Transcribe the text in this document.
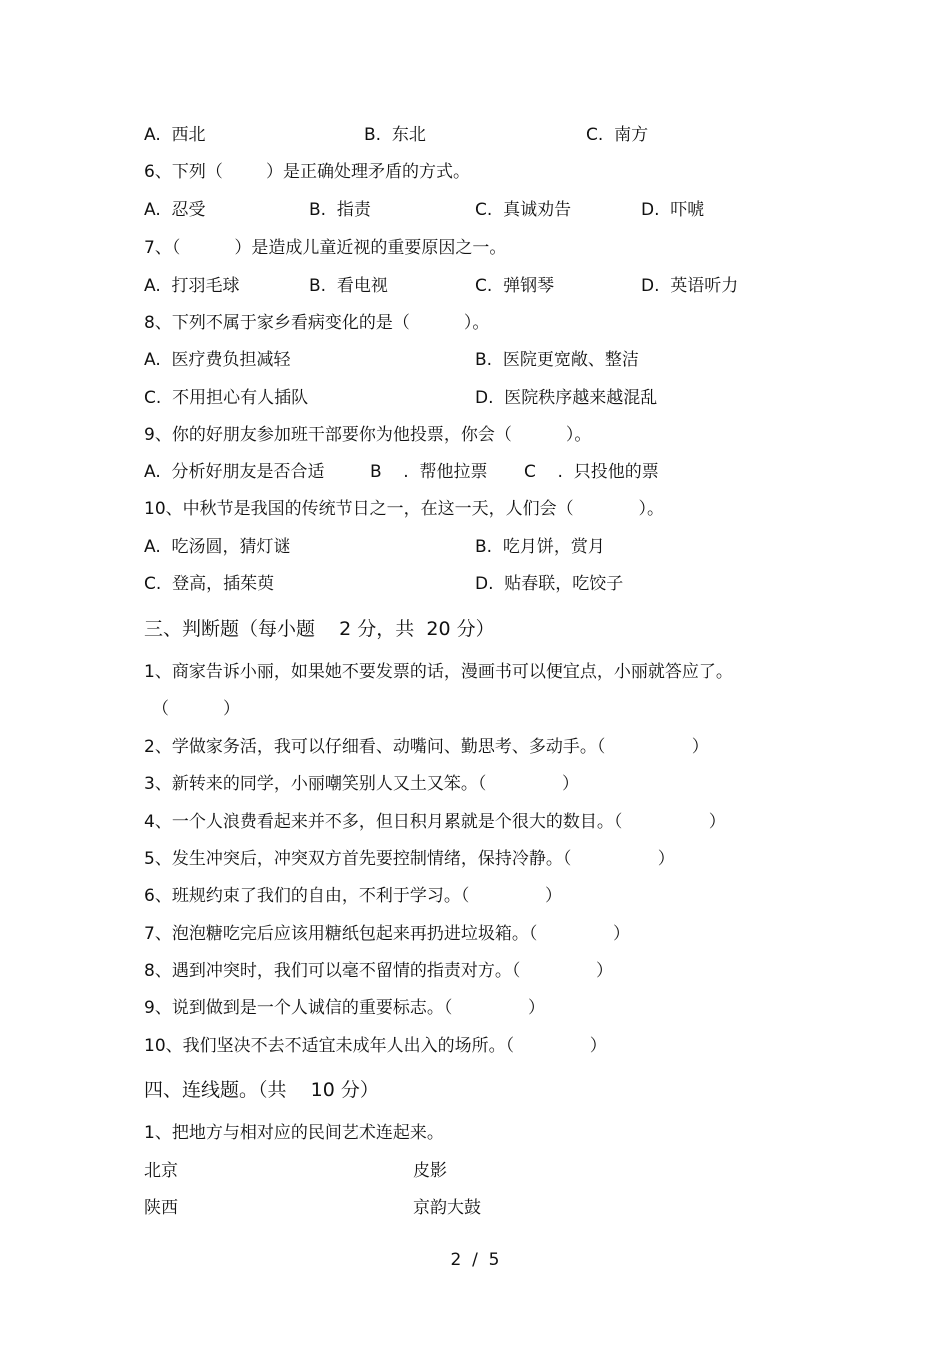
A.  西北	B.  东北	C.  南方
6、下列（        ）是正确处理矛盾的方式。
A.  忍受	B.  指责	C.  真诚劝告	D.  吓唬
7、（          ）是造成儿童近视的重要原因之一。
A.  打羽毛球	B.  看电视	C.  弹钢琴	D.  英语听力
8、下列不属于家乡看病变化的是（          ）。
A.  医疗费负担减轻	B.  医院更宽敞、整洁
C.  不用担心有人插队	D.  医院秩序越来越混乱
9、你的好朋友参加班干部要你为他投票，你会（          ）。
A.  分析好朋友是否合适	B    .  帮他拉票 C    .  只投他的票
10、中秋节是我国的传统节日之一，在这一天，人们会（            ）。
A.  吃汤圆，猜灯谜	B.  吃月饼，赏月
C.  登高，插茱萸	D.  贴春联，吃饺子
三、判断题（每小题    2 分，共  20 分）
1、商家告诉小丽，如果她不要发票的话，漫画书可以便宜点，小丽就答应了。
（          ）
2、学做家务活，我可以仔细看、动嘴问、勤思考、多动手。（                ）
3、新转来的同学，小丽嘲笑别人又土又笨。（              ）
4、一个人浪费看起来并不多，但日积月累就是个很大的数目。（                ）
5、发生冲突后，冲突双方首先要控制情绪，保持冷静。（                ）
6、班规约束了我们的自由，不利于学习。（              ）
7、泡泡糖吃完后应该用糖纸包起来再扔进垃圾箱。（              ）
8、遇到冲突时，我们可以毫不留情的指责对方。（              ）
9、说到做到是一个人诚信的重要标志。（              ）
10、我们坚决不去不适宜未成年人出入的场所。（              ）
四、连线题。（共    10 分）
1、把地方与相对应的民间艺术连起来。
北京	皮影
陕西	京韵大鼓
2  /  5
